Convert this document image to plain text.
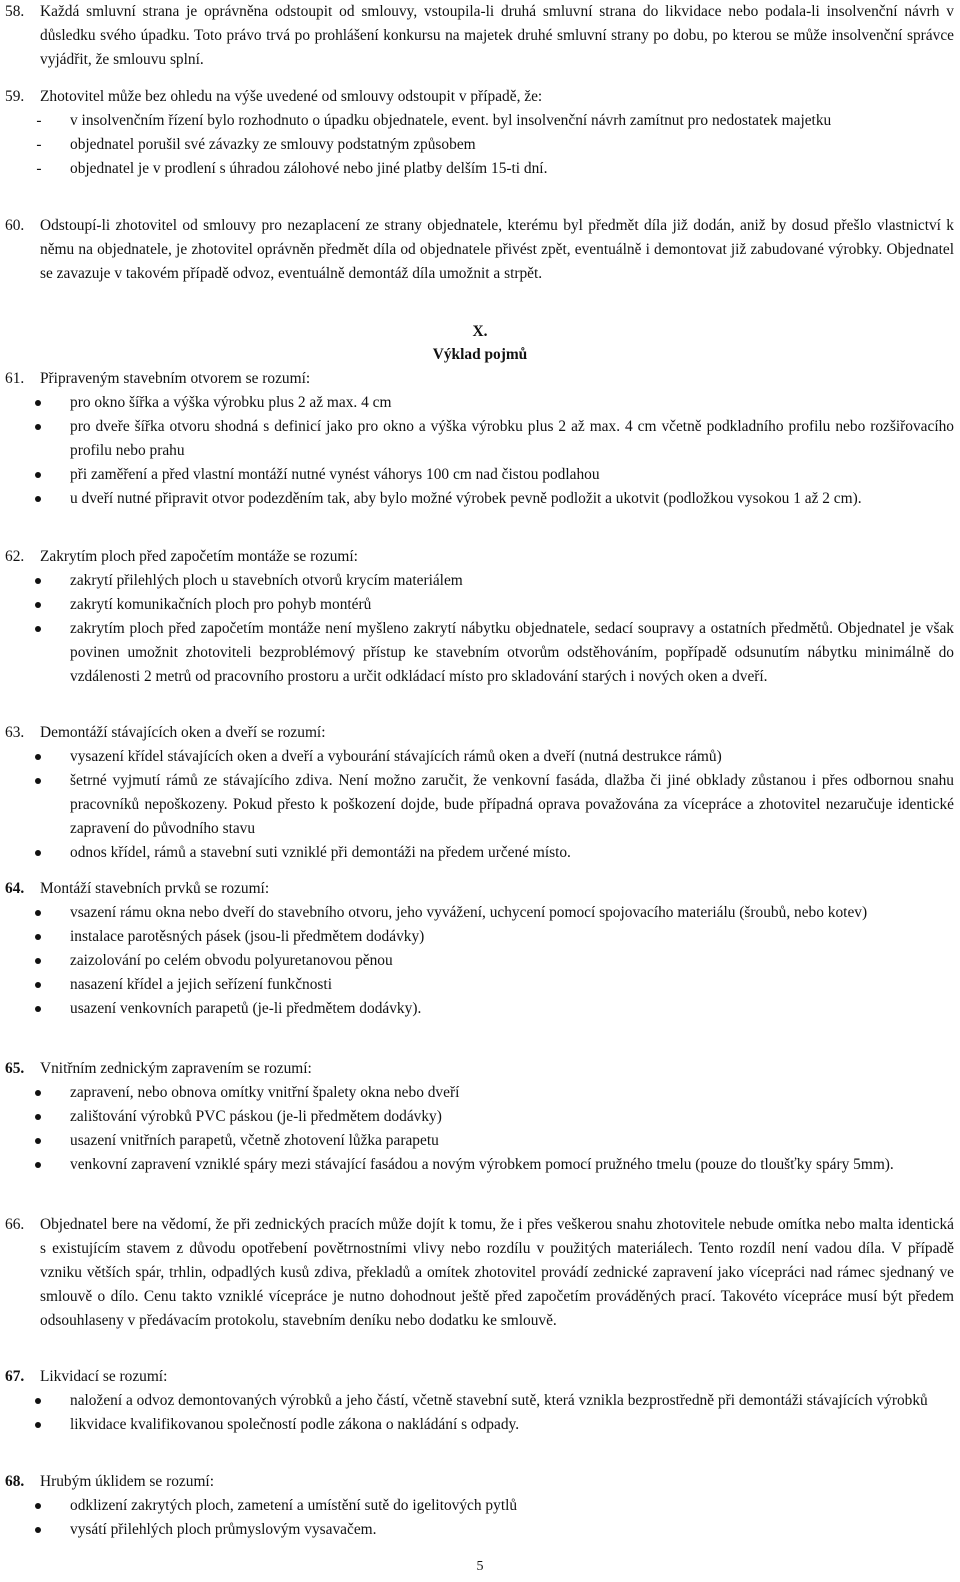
58.	Každá smluvní strana je oprávněna odstoupit od smlouvy, vstoupila-li druhá smluvní strana do likvidace nebo podala-li insolvenční návrh v důsledku svého úpadku. Toto právo trvá po prohlášení konkursu na majetek druhé smluvní strany po dobu, po kterou se může insolvenční správce vyjádřit, že smlouvu splní.
59.	Zhotovitel může bez ohledu na výše uvedené od smlouvy odstoupit v případě, že:
- v insolvenčním řízení bylo rozhodnuto o úpadku objednatele, event. byl insolvenční návrh zamítnut pro nedostatek majetku
- objednatel porušil své závazky ze smlouvy podstatným způsobem
- objednatel je v prodlení s úhradou zálohové nebo jiné platby delším 15-ti dní.
60.	Odstoupí-li zhotovitel od smlouvy pro nezaplacení ze strany objednatele, kterému byl předmět díla již dodán, aniž by dosud přešlo vlastnictví k němu na objednatele, je zhotovitel oprávněn předmět díla od objednatele přivést zpět, eventuálně i demontovat již zabudované výrobky. Objednatel se zavazuje v takovém případě odvoz, eventuálně demontáž díla umožnit a strpět.
X.
Výklad pojmů
61.	Připraveným stavebním otvorem se rozumí:
pro okno šířka a výška výrobku plus 2 až max. 4 cm
pro dveře šířka otvoru shodná s definicí jako pro okno a výška výrobku plus 2 až max. 4 cm včetně podkladního profilu nebo rozšiřovacího profilu nebo prahu
při zaměření a před vlastní montáží nutné vynést váhorys 100 cm nad čistou podlahou
u dveří nutné připravit otvor podezděním tak, aby bylo možné výrobek pevně podložit a ukotvit (podložkou vysokou 1 až 2 cm).
62.	Zakrytím ploch před započetím montáže se rozumí:
zakrytí přilehlých ploch u stavebních otvorů krycím materiálem
zakrytí komunikačních ploch pro pohyb montérů
zakrytím ploch před započetím montáže není myšleno zakrytí nábytku objednatele, sedací soupravy a ostatních předmětů. Objednatel je však povinen umožnit zhotoviteli bezproblémový přístup ke stavebním otvorům odstěhováním, popřípadě odsunutím nábytku minimálně do vzdálenosti 2 metrů od pracovního prostoru a určit odkládací místo pro skladování starých i nových oken a dveří.
63.	Demontáží stávajících oken a dveří se rozumí:
vysazení křídel stávajících oken a dveří a vybourání stávajících rámů oken a dveří (nutná destrukce rámů)
šetrné vyjmutí rámů ze stávajícího zdiva. Není možno zaručit, že venkovní fasáda, dlažba či jiné obklady zůstanou i přes odbornou snahu pracovníků nepoškozeny. Pokud přesto k poškození dojde, bude případná oprava považována za vícepráce a zhotovitel nezaručuje identické zapravení do původního stavu
odnos křídel, rámů a stavební suti vzniklé při demontáži na předem určené místo.
64.	Montáží stavebních prvků se rozumí:
vsazení rámu okna nebo dveří do stavebního otvoru, jeho vyvážení, uchycení pomocí spojovacího materiálu (šroubů, nebo kotev)
instalace parotěsných pásek (jsou-li předmětem dodávky)
zaizolování po celém obvodu polyuretanovou pěnou
nasazení křídel a jejich seřízení funkčnosti
usazení venkovních parapetů (je-li předmětem dodávky).
65.	Vnitřním zednickým zapravením se rozumí:
zapravení, nebo obnova omítky vnitřní špalety okna nebo dveří
zalištování výrobků PVC páskou (je-li předmětem dodávky)
usazení vnitřních parapetů, včetně zhotovení lůžka parapetu
venkovní zapravení vzniklé spáry mezi stávající fasádou a novým výrobkem pomocí pružného tmelu (pouze do tloušťky spáry 5mm).
66.	Objednatel bere na vědomí, že při zednických pracích může dojít k tomu, že i přes veškerou snahu zhotovitele nebude omítka nebo malta identická s existujícím stavem z důvodu opotřebení povětrnostními vlivy nebo rozdílu v použitých materiálech. Tento rozdíl není vadou díla. V případě vzniku větších spár, trhlin, odpadlých kusů zdiva, překladů a omítek zhotovitel provádí zednické zapravení jako vícepráci nad rámec sjednaný ve smlouvě o dílo. Cenu takto vzniklé vícepráce je nutno dohodnout ještě před započetím prováděných prací. Takovéto vícepráce musí být předem odsouhlaseny v předávacím protokolu, stavebním deníku nebo dodatku ke smlouvě.
67.	Likvidací se rozumí:
naložení a odvoz demontovaných výrobků a jeho částí, včetně stavební sutě, která vznikla bezprostředně při demontáži stávajících výrobků
likvidace kvalifikovanou společností podle zákona o nakládání s odpady.
68.	Hrubým úklidem se rozumí:
odklizení zakrytých ploch, zametení a umístění sutě do igelitových pytlů
vysátí přilehlých ploch průmyslovým vysavačem.
5
